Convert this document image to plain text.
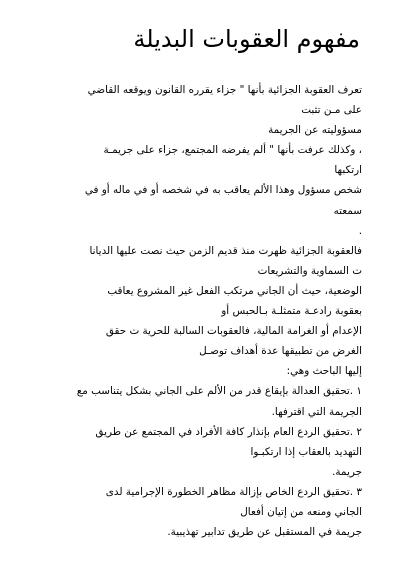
مفهوم العقوبات البديلة
تعرف العقوبة الجزائية بأنها " جزاء يقرره القانون ويوقعه القاضي
على مـن تثبت
مسؤوليته عن الجريمة
، وكذلك عرفت بأنها " ألم يفرضه المجتمع، جزاء على جريمـة
ارتكبها
شخص مسؤول وهذا الألم يعاقب به في شخصه أو في ماله أو في
سمعته
.
فالعقوبة الجزائية ظهرت منذ قديم الزمن حيث نصت عليها الديانا
ت السماوية والتشريعات
الوضعية، حيث أن الجاني مرتكب الفعل غير المشروع يعاقب
بعقوبة رادعـة متمثلـة بـالحبس أو
الإعدام أو الغرامة المالية، فالعقوبات السالبة للحرية ت حقق
الغرض من تطبيقها عدة أهداف توصـل
إليها الباحث وهي:
١ .تحقيق العدالة بإيقاع قدر من الألم على الجاني بشكل يتناسب مع
الجريمة التي اقترفها.
٢ .تحقيق الردع العام بإنذار كافة الأفراد في المجتمع عن طريق
التهديد بالعقاب إذا ارتكبـوا
جريمة.
٣ .تحقيق الردع الخاص بإزالة مظاهر الخطورة الإجرامية لدى
الجاني ومنعه من إتيان أفعال
جريمة في المستقبل عن طريق تدابير تهذيبية.
